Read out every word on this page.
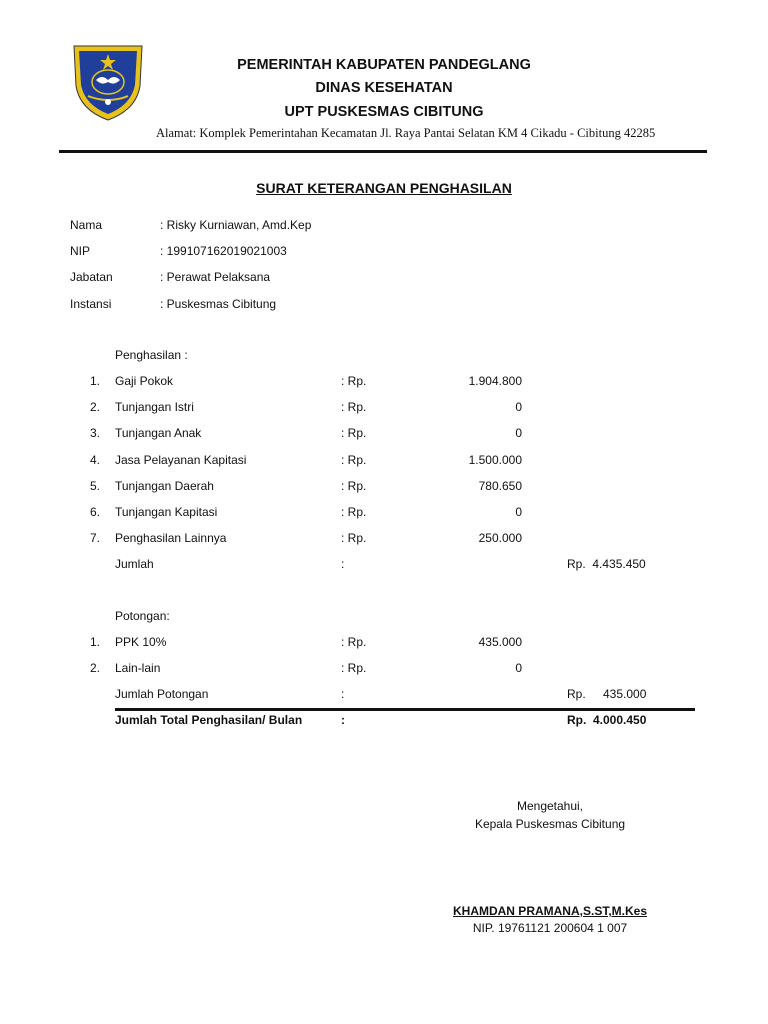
PEMERINTAH KABUPATEN PANDEGLANG
DINAS KESEHATAN
UPT PUSKESMAS CIBITUNG
Alamat: Komplek Pemerintahan Kecamatan Jl. Raya Pantai Selatan KM 4 Cikadu - Cibitung 42285
SURAT KETERANGAN PENGHASILAN
Nama	: Risky Kurniawan, Amd.Kep
NIP	: 199107162019021003
Jabatan	: Perawat Pelaksana
Instansi	: Puskesmas Cibitung
Penghasilan :
1. Gaji Pokok	: Rp.	1.904.800
2. Tunjangan Istri	: Rp.	0
3. Tunjangan Anak	: Rp.	0
4. Jasa Pelayanan Kapitasi	: Rp.	1.500.000
5. Tunjangan Daerah	: Rp.	780.650
6. Tunjangan Kapitasi	: Rp.	0
7. Penghasilan Lainnya	: Rp.	250.000
Jumlah	:	Rp.  4.435.450
Potongan:
1. PPK 10%	: Rp.	435.000
2. Lain-lain	: Rp.	0
Jumlah Potongan	:	Rp. 435.000
Jumlah Total Penghasilan/ Bulan	:	Rp.  4.000.450
Mengetahui,
Kepala Puskesmas Cibitung
KHAMDAN PRAMANA,S.ST,M.Kes
NIP. 19761121 200604 1 007
